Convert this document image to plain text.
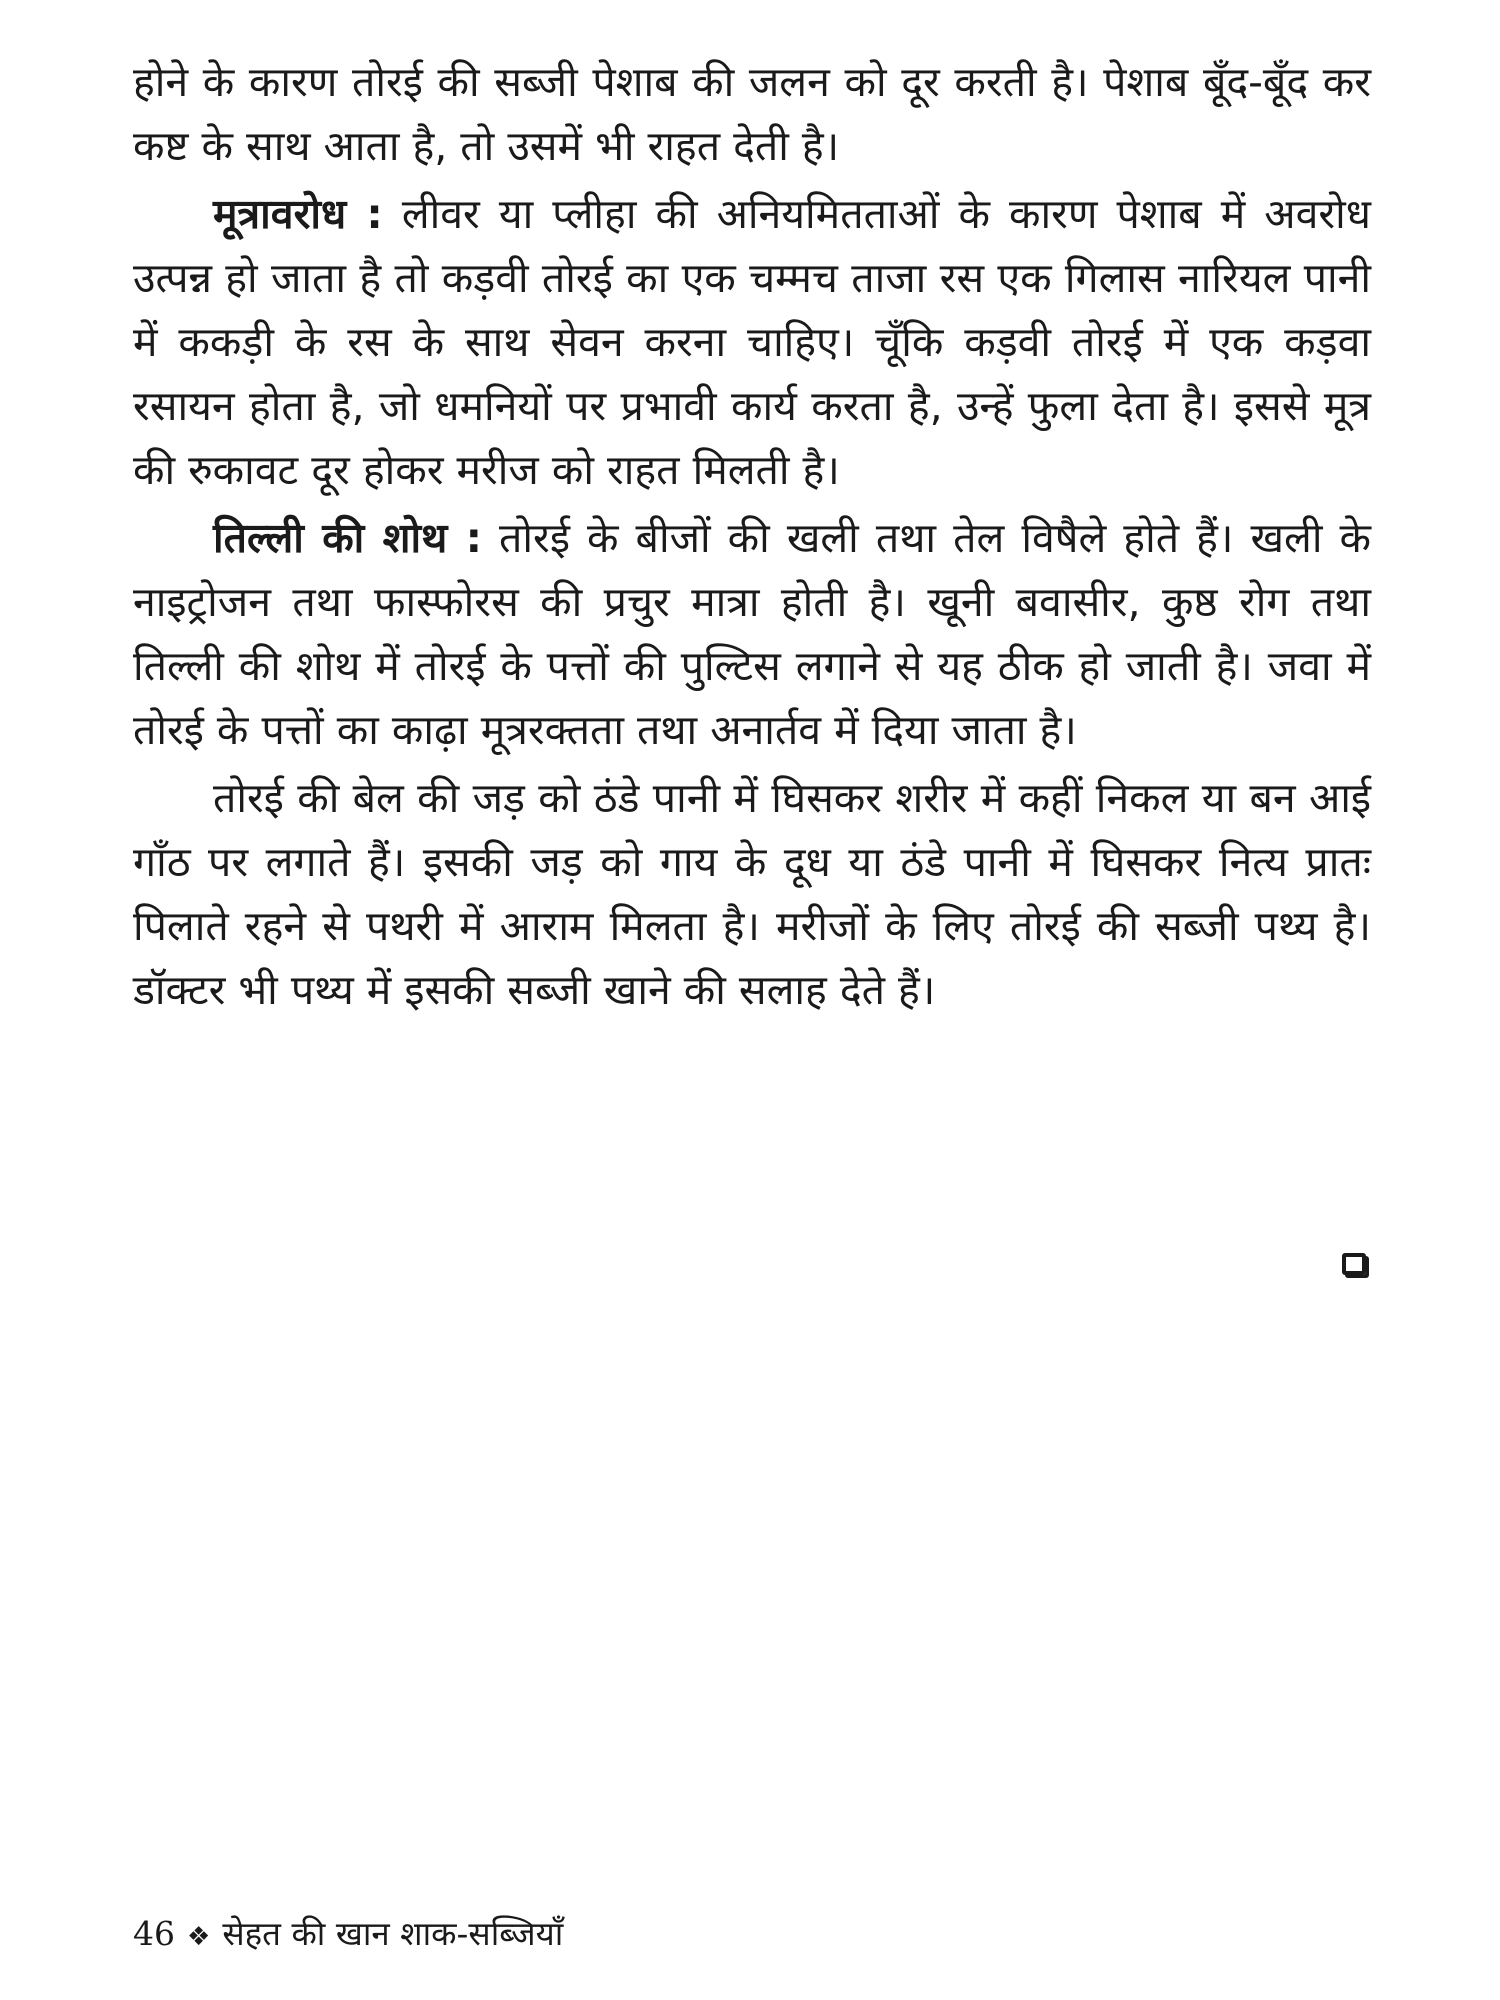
होने के कारण तोरई की सब्जी पेशाब की जलन को दूर करती है। पेशाब बूँद-बूँद कर कष्ट के साथ आता है, तो उसमें भी राहत देती है।

मूत्रावरोध : लीवर या प्लीहा की अनियमितताओं के कारण पेशाब में अवरोध उत्पन्न हो जाता है तो कड़वी तोरई का एक चम्मच ताजा रस एक गिलास नारियल पानी में ककड़ी के रस के साथ सेवन करना चाहिए। चूँकि कड़वी तोरई में एक कड़वा रसायन होता है, जो धमनियों पर प्रभावी कार्य करता है, उन्हें फुला देता है। इससे मूत्र की रुकावट दूर होकर मरीज को राहत मिलती है।

तिल्ली की शोथ : तोरई के बीजों की खली तथा तेल विषैले होते हैं। खली के नाइट्रोजन तथा फास्फोरस की प्रचुर मात्रा होती है। खूनी बवासीर, कुष्ठ रोग तथा तिल्ली की शोथ में तोरई के पत्तों की पुल्टिस लगाने से यह ठीक हो जाती है। जवा में तोरई के पत्तों का काढ़ा मूत्ररक्तता तथा अनार्तव में दिया जाता है।

तोरई की बेल की जड़ को ठंडे पानी में घिसकर शरीर में कहीं निकल या बन आई गाँठ पर लगाते हैं। इसकी जड़ को गाय के दूध या ठंडे पानी में घिसकर नित्य प्रातः पिलाते रहने से पथरी में आराम मिलता है। मरीजों के लिए तोरई की सब्जी पथ्य है। डॉक्टर भी पथ्य में इसकी सब्जी खाने की सलाह देते हैं।

46 ❖ सेहत की खान शाक-सब्जियाँ
